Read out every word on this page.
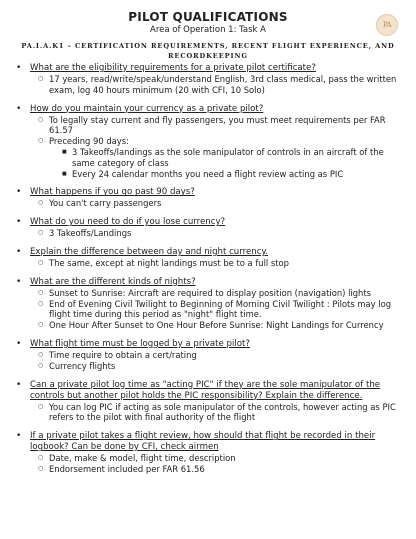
PILOT QUALIFICATIONS
Area of Operation 1: Task A	PA
PA.I.A.K1 – CERTIFICATION REQUIREMENTS, RECENT FLIGHT EXPERIENCE, AND RECORDKEEPING
•	What are the eligibility requirements for a private pilot certificate?
○ 17 years, read/write/speak/understand English, 3rd class medical, pass the written exam, log 40 hours minimum (20 with CFI, 10 Solo)
•	How do you maintain your currency as a private pilot?
○ To legally stay current and fly passengers, you must meet requirements per FAR 61.57
○ Preceding 90 days:
■ 3 Takeoffs/landings as the sole manipulator of controls in an aircraft of the same category of class
■ Every 24 calendar months you need a flight review acting as PIC
•	What happens if you go past 90 days?
○ You can't carry passengers
•	What do you need to do if you lose currency?
○ 3 Takeoffs/Landings
•	Explain the difference between day and night currency.
○ The same, except at night landings must be to a full stop
•	What are the different kinds of nights?
○ Sunset to Sunrise: Aircraft are required to display position (navigation) lights
○ End of Evening Civil Twilight to Beginning of Morning Civil Twilight : Pilots may log flight time during this period as "night" flight time.
○ One Hour After Sunset to One Hour Before Sunrise: Night Landings for Currency
•	What flight time must be logged by a private pilot?
○ Time require to obtain a cert/rating
○ Currency flights
•	Can a private pilot log time as "acting PIC" if they are the sole manipulator of the controls but another pilot holds the PIC responsibility? Explain the difference.
○ You can log PIC if acting as sole manipulator of the controls, however acting as PIC refers to the pilot with final authority of the flight
•	If a private pilot takes a flight review, how should that flight be recorded in their logbook? Can be done by CFI, check airmen
○ Date, make & model, flight time, description
○ Endorsement included per FAR 61.56
